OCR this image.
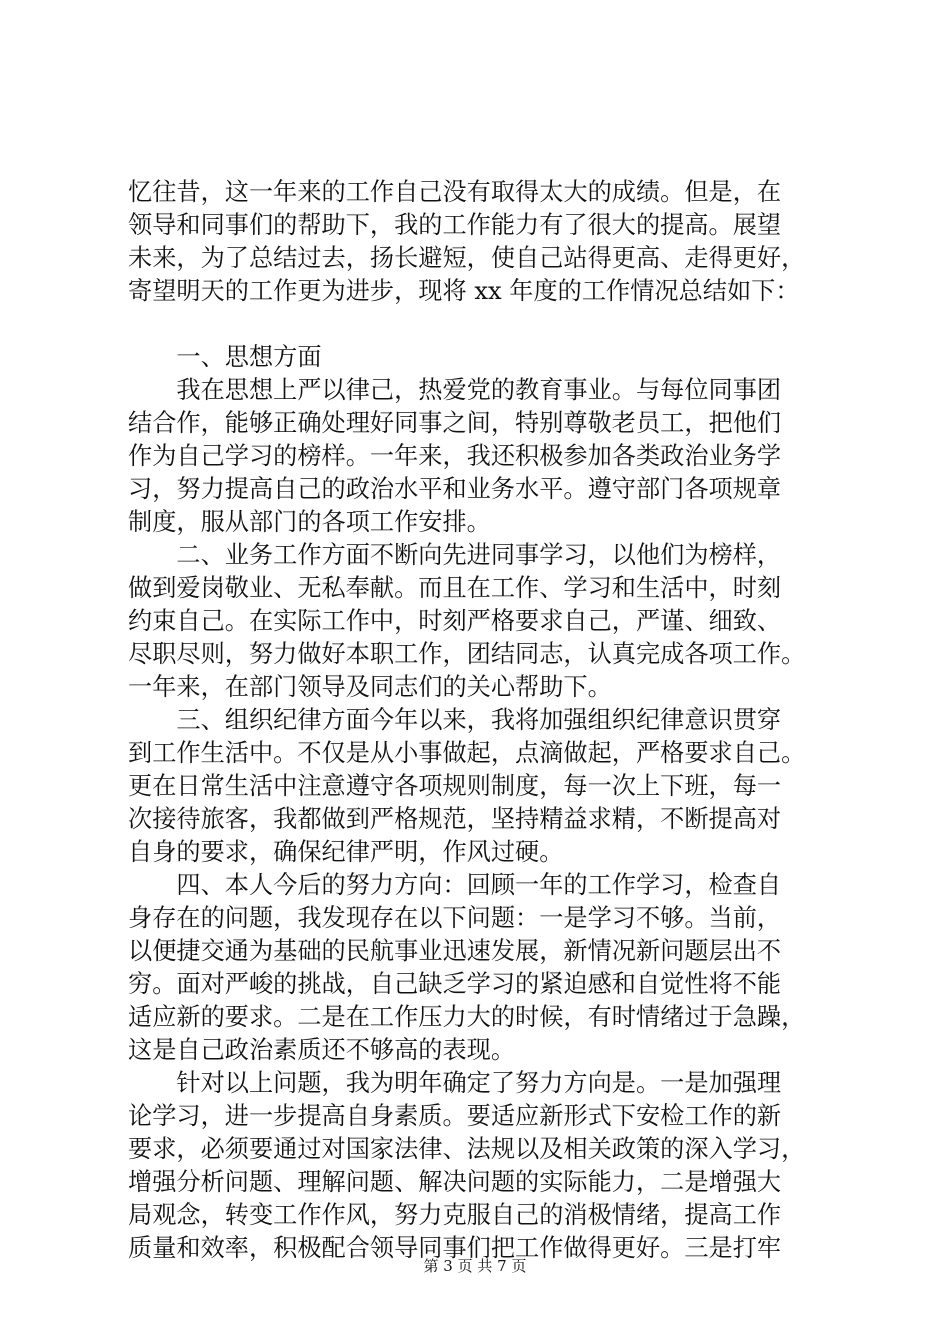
忆往昔，这一年来的工作自己没有取得太大的成绩。但是，在

领导和同事们的帮助下，我的工作能力有了很大的提高。展望

未来，为了总结过去，扬长避短，使自己站得更高、走得更好，

寄望明天的工作更为进步，现将 xx 年度的工作情况总结如下：

　　一、思想方面

　　我在思想上严以律己，热爱党的教育事业。与每位同事团

结合作，能够正确处理好同事之间，特别尊敬老员工，把他们

作为自己学习的榜样。一年来，我还积极参加各类政治业务学

习，努力提高自己的政治水平和业务水平。遵守部门各项规章

制度，服从部门的各项工作安排。

　　二、业务工作方面不断向先进同事学习，以他们为榜样，

做到爱岗敬业、无私奉献。而且在工作、学习和生活中，时刻

约束自己。在实际工作中，时刻严格要求自己，严谨、细致、

尽职尽则，努力做好本职工作，团结同志，认真完成各项工作。

一年来，在部门领导及同志们的关心帮助下。

　　三、组织纪律方面今年以来，我将加强组织纪律意识贯穿

到工作生活中。不仅是从小事做起，点滴做起，严格要求自己。

更在日常生活中注意遵守各项规则制度，每一次上下班，每一

次接待旅客，我都做到严格规范，坚持精益求精，不断提高对

自身的要求，确保纪律严明，作风过硬。

　　四、本人今后的努力方向：回顾一年的工作学习，检查自

身存在的问题，我发现存在以下问题：一是学习不够。当前，

以便捷交通为基础的民航事业迅速发展，新情况新问题层出不

穷。面对严峻的挑战，自己缺乏学习的紧迫感和自觉性将不能

适应新的要求。二是在工作压力大的时候，有时情绪过于急躁，

这是自己政治素质还不够高的表现。

　　针对以上问题，我为明年确定了努力方向是。一是加强理

论学习，进一步提高自身素质。要适应新形式下安检工作的新

要求，必须要通过对国家法律、法规以及相关政策的深入学习，

增强分析问题、理解问题、解决问题的实际能力，二是增强大

局观念，转变工作作风，努力克服自己的消极情绪，提高工作

质量和效率，积极配合领导同事们把工作做得更好。三是打牢

第 3 页 共 7 页
